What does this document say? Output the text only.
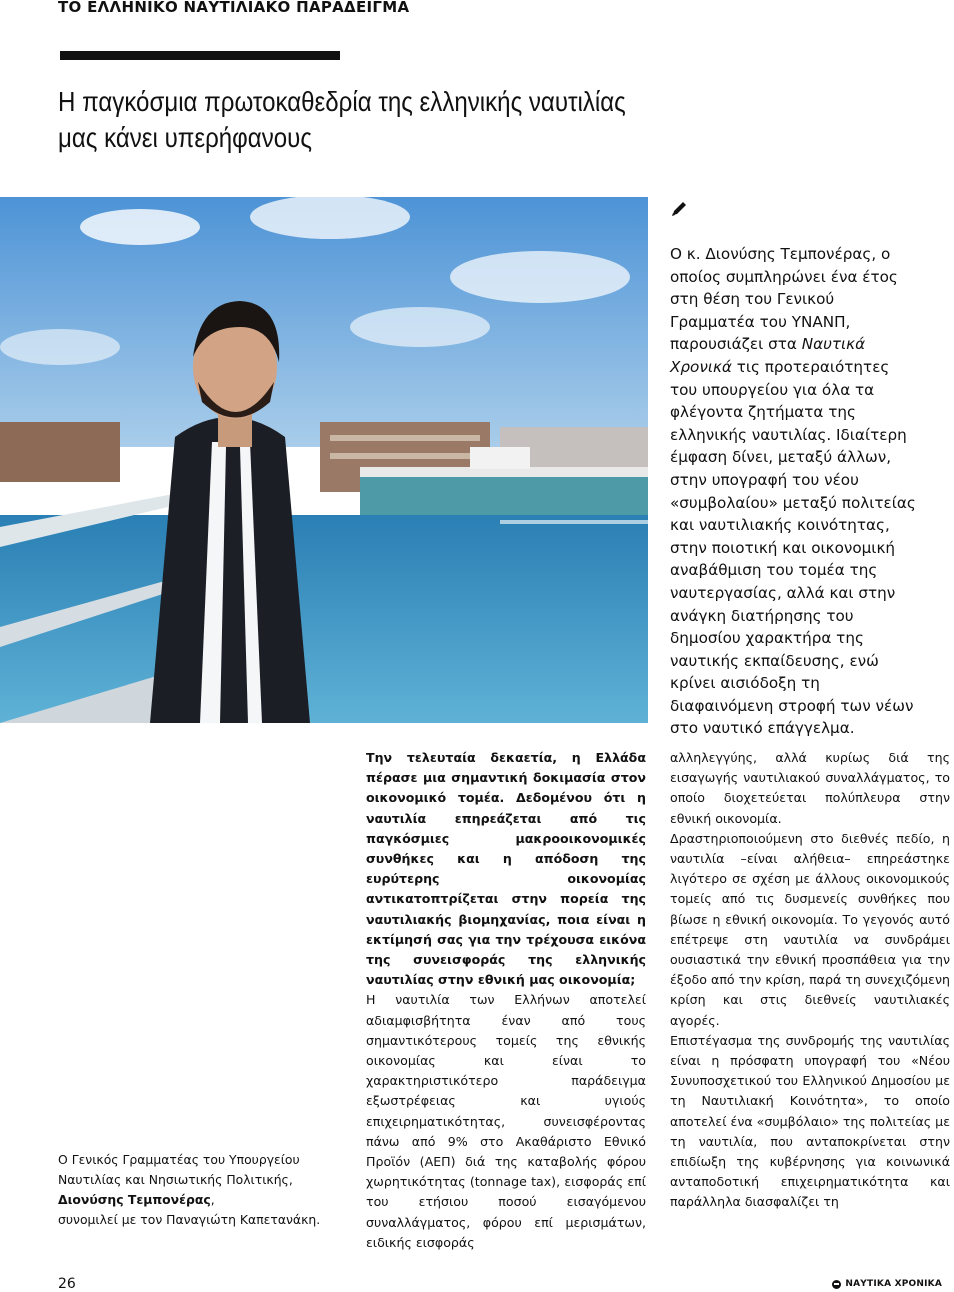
ΤΟ ΕΛΛΗΝΙΚΟ ΝΑΥΤΙΛΙΑΚΟ ΠΑΡΑΔΕΙΓΜΑ
Η παγκόσμια πρωτοκαθεδρία της ελληνικής ναυτιλίας
μας κάνει υπερήφανους
Ο κ. Διονύσης Τεμπονέρας, ο οποίος συμπληρώνει ένα έτος στη θέση του Γενικού Γραμματέα του ΥΝΑΝΠ, παρουσιάζει στα Ναυτικά Χρονικά τις προτεραιότητες του υπουργείου για όλα τα φλέγοντα ζητήματα της ελληνικής ναυτιλίας. Ιδιαίτερη έμφαση δίνει, μεταξύ άλλων, στην υπογραφή του νέου «συμβολαίου» μεταξύ πολιτείας και ναυτιλιακής κοινότητας, στην ποιοτική και οικονομική αναβάθμιση του τομέα της ναυτεργασίας, αλλά και στην ανάγκη διατήρησης του δημοσίου χαρακτήρα της ναυτικής εκπαίδευσης, ενώ κρίνει αισιόδοξη τη διαφαινόμενη στροφή των νέων στο ναυτικό επάγγελμα.
Ο Γενικός Γραμματέας του Υπουργείου Ναυτιλίας και Νησιωτικής Πολιτικής,
Διονύσης Τεμπονέρας,
συνομιλεί με τον Παναγιώτη Καπετανάκη.

Την τελευταία δεκαετία, η Ελλάδα πέρασε μια σημαντική δοκιμασία στον οικονομικό τομέα. Δεδομένου ότι η ναυτιλία επηρεάζεται από τις παγκόσμιες μακροοικονομικές συνθήκες και η απόδοση της ευρύτερης οικονομίας αντικατοπτρίζεται στην πορεία της ναυτιλιακής βιομηχανίας, ποια είναι η εκτίμησή σας για την τρέχουσα εικόνα της συνεισφοράς της ελληνικής ναυτιλίας στην εθνική μας οικονομία;

Η ναυτιλία των Ελλήνων αποτελεί αδιαμφισβήτητα έναν από τους σημαντικότερους τομείς της εθνικής οικονομίας και είναι το χαρακτηριστικότερο παράδειγμα εξωστρέφειας και υγιούς επιχειρηματικότητας, συνεισφέροντας πάνω από 9% στο Ακαθάριστο Εθνικό Προϊόν (ΑΕΠ) διά της καταβολής φόρου χωρητικότητας (tonnage tax), εισφοράς επί του ετήσιου ποσού εισαγόμενου συναλλάγματος, φόρου επί μερισμάτων, ειδικής εισφοράς

αλληλεγγύης, αλλά κυρίως διά της εισαγωγής ναυτιλιακού συναλλάγματος, το οποίο διοχετεύεται πολύπλευρα στην εθνική οικονομία.

Δραστηριοποιούμενη στο διεθνές πεδίο, η ναυτιλία –είναι αλήθεια– επηρεάστηκε λιγότερο σε σχέση με άλλους οικονομικούς τομείς από τις δυσμενείς συνθήκες που βίωσε η εθνική οικονομία. Το γεγονός αυτό επέτρεψε στη ναυτιλία να συνδράμει ουσιαστικά την εθνική προσπάθεια για την έξοδο από την κρίση, παρά τη συνεχιζόμενη κρίση και στις διεθνείς ναυτιλιακές αγορές.

Επιστέγασμα της συνδρομής της ναυτιλίας είναι η πρόσφατη υπογραφή του «Νέου Συνυποσχετικού του Ελληνικού Δημοσίου με τη Ναυτιλιακή Κοινότητα», το οποίο αποτελεί ένα «συμβόλαιο» της πολιτείας με τη ναυτιλία, που ανταποκρίνεται στην επιδίωξη της κυβέρνησης για κοινωνικά ανταποδοτική επιχειρηματικότητα και παράλληλα διασφαλίζει τη

26	ΝΑΥΤΙΚΑ ΧΡΟΝΙΚΑ
